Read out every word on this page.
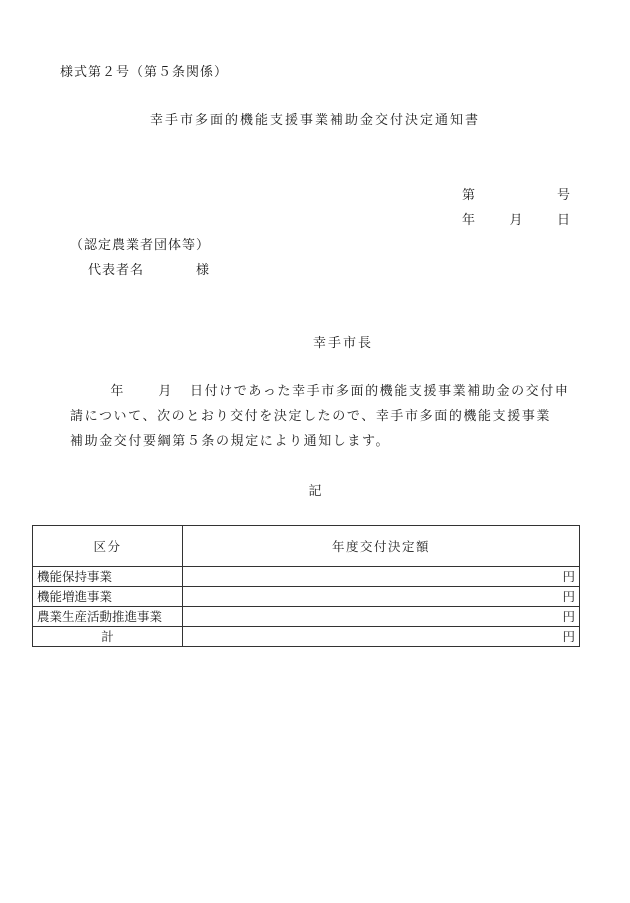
様式第２号（第５条関係）
幸手市多面的機能支援事業補助金交付決定通知書
第	号
年	月	日
（認定農業者団体等）
代表者名	様
幸手市長

年	月 日付けであった幸手市多面的機能支援事業補助金の交付申

請について、次のとおり交付を決定したので、幸手市多面的機能支援事業

補助金交付要綱第５条の規定により通知します。

記
区分	年度交付決定額
機能保持事業	円
機能増進事業	円
農業生産活動推進事業	円
計	円
